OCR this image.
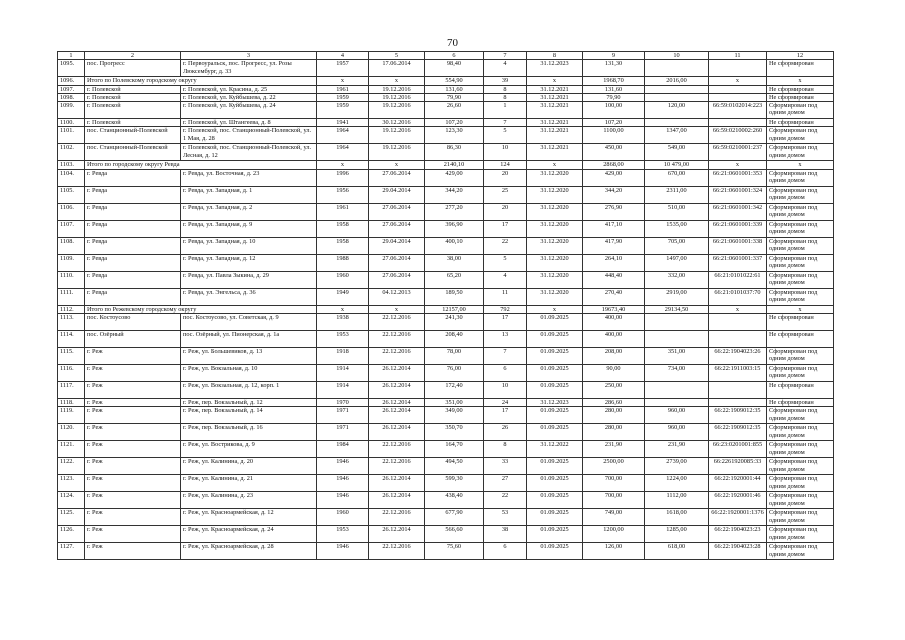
70
1	2	3	4	5	6	7	8	9	10	11	12
1095.	пос. Прогресс	г. Первоуральск, пос. Прогресс, ул. Розы Люксембург, д. 33	1957	17.06.2014	98,40	4	31.12.2023	131,30			Не сформирован
1096.	Итого по Полевскому городскому округу		х	х	554,90	39	х	1968,70	2016,00	х	х
1097.	г. Полевской	г. Полевской, ул. Красина, д. 25	1961	19.12.2016	131,60	8	31.12.2021	131,60			Не сформирован
1098.	г. Полевской	г. Полевской, ул. Куйбышева, д. 22	1959	19.12.2016	79,90	8	31.12.2021	79,90			Не сформирован
1099.	г. Полевской	г. Полевской, ул. Куйбышева, д. 24	1959	19.12.2016	26,60	1	31.12.2021	100,00	120,00	66:59:0102014:223	Сформирован под одним домом
1100.	г. Полевской	г. Полевской, ул. Штангеева, д. 8	1941	30.12.2016	107,20	7	31.12.2021	107,20			Не сформирован
1101.	пос. Станционный-Полевской	г. Полевской, пос. Станционный-Полевской, ул. 1 Мая, д. 28	1964	19.12.2016	123,30	5	31.12.2021	1100,00	1347,00	66:59:0210002:260	Сформирован под одним домом
1102.	пос. Станционный-Полевской	г. Полевской, пос. Станционный-Полевской, ул. Лесная, д. 12	1964	19.12.2016	86,30	10	31.12.2021	450,00	549,00	66:59:0210001:237	Сформирован под одним домом
1103.	Итого по городскому округу Ревда		х	х	2140,10	124	х	2868,00	10 479,00	х	х
1104.	г. Ревда	г. Ревда, ул. Восточная, д. 23	1996	27.06.2014	429,00	20	31.12.2020	429,00	670,00	66:21:0601001:353	Сформирован под одним домом
1105.	г. Ревда	г. Ревда, ул. Западная, д. 1	1956	29.04.2014	344,20	25	31.12.2020	344,20	2311,00	66:21:0601001:324	Сформирован под одним домом
1106.	г. Ревда	г. Ревда, ул. Западная, д. 2	1961	27.06.2014	277,20	20	31.12.2020	276,90	510,00	66:21:0601001:342	Сформирован под одним домом
1107.	г. Ревда	г. Ревда, ул. Западная, д. 9	1958	27.06.2014	396,90	17	31.12.2020	417,10	1535,00	66:21:0601001:339	Сформирован под одним домом
1108.	г. Ревда	г. Ревда, ул. Западная, д. 10	1958	29.04.2014	400,10	22	31.12.2020	417,90	705,00	66:21:0601001:338	Сформирован под одним домом
1109.	г. Ревда	г. Ревда, ул. Западная, д. 12	1988	27.06.2014	38,00	5	31.12.2020	264,10	1497,00	66:21:0601001:337	Сформирован под одним домом
1110.	г. Ревда	г. Ревда, ул. Павла Зыкина, д. 29	1960	27.06.2014	65,20	4	31.12.2020	448,40	332,00	66:21:0101022:61	Сформирован под одним домом
1111.	г. Ревда	г. Ревда, ул. Энгельса, д. 36	1949	04.12.2013	189,50	11	31.12.2020	270,40	2919,00	66:21:0101037:70	Сформирован под одним домом
1112.	Итого по Режевскому городскому округу		х	х	12157,00	792	х	19673,40	29134,50	х	х
1113.	пос. Костоусово	пос. Костоусово, ул. Советская, д. 9	1938	22.12.2016	241,30	17	01.09.2025	400,00			Не сформирован
1114.	пос. Озёрный	пос. Озёрный, ул. Пионерская, д. 1а	1953	22.12.2016	208,40	13	01.09.2025	400,00			Не сформирован
1115.	г. Реж	г. Реж, ул. Большевиков, д. 13	1918	22.12.2016	78,00	7	01.09.2025	208,00	351,00	66:22:1904023:26	Сформирован под одним домом
1116.	г. Реж	г. Реж, ул. Вокзальная, д. 10	1914	26.12.2014	76,00	6	01.09.2025	90,00	734,00	66:22:1911003:15	Сформирован под одним домом
1117.	г. Реж	г. Реж, ул. Вокзальная, д. 12, корп. 1	1914	26.12.2014	172,40	10	01.09.2025	250,00			Не сформирован
1118.	г. Реж	г. Реж, пер. Вокзальный, д. 12	1970	26.12.2014	351,00	24	31.12.2023	286,60			Не сформирован
1119.	г. Реж	г. Реж, пер. Вокзальный, д. 14	1971	26.12.2014	349,00	17	01.09.2025	280,00	960,00	66:22:1909012:35	Сформирован под одним домом
1120.	г. Реж	г. Реж, пер. Вокзальный, д. 16	1971	26.12.2014	350,70	26	01.09.2025	280,00	960,00	66:22:1909012:35	Сформирован под одним домом
1121.	г. Реж	г. Реж, ул. Вострикова, д. 9	1984	22.12.2016	164,70	8	31.12.2022	231,90	231,90	66:23:0201001:855	Сформирован под одним домом
1122.	г. Реж	г. Реж, ул. Калинина, д. 20	1946	22.12.2016	494,50	33	01.09.2025	2500,00	2739,00	66:2261920085:33	Сформирован под одним домом
1123.	г. Реж	г. Реж, ул. Калинина, д. 21	1946	26.12.2014	599,30	27	01.09.2025	700,00	1224,00	66:22:1920001:44	Сформирован под одним домом
1124.	г. Реж	г. Реж, ул. Калинина, д. 23	1946	26.12.2014	438,40	22	01.09.2025	700,00	1112,00	66:22:1920001:46	Сформирован под одним домом
1125.	г. Реж	г. Реж, ул. Красноармейская, д. 12	1960	22.12.2016	677,90	53	01.09.2025	749,00	1618,00	66:22:1920001:1376	Сформирован под одним домом
1126.	г. Реж	г. Реж, ул. Красноармейская, д. 24	1953	26.12.2014	566,60	38	01.09.2025	1200,00	1285,00	66:22:1904023:23	Сформирован под одним домом
1127.	г. Реж	г. Реж, ул. Красноармейская, д. 28	1946	22.12.2016	75,60	6	01.09.2025	126,00	618,00	66:22:1904023:28	Сформирован под одним домом
